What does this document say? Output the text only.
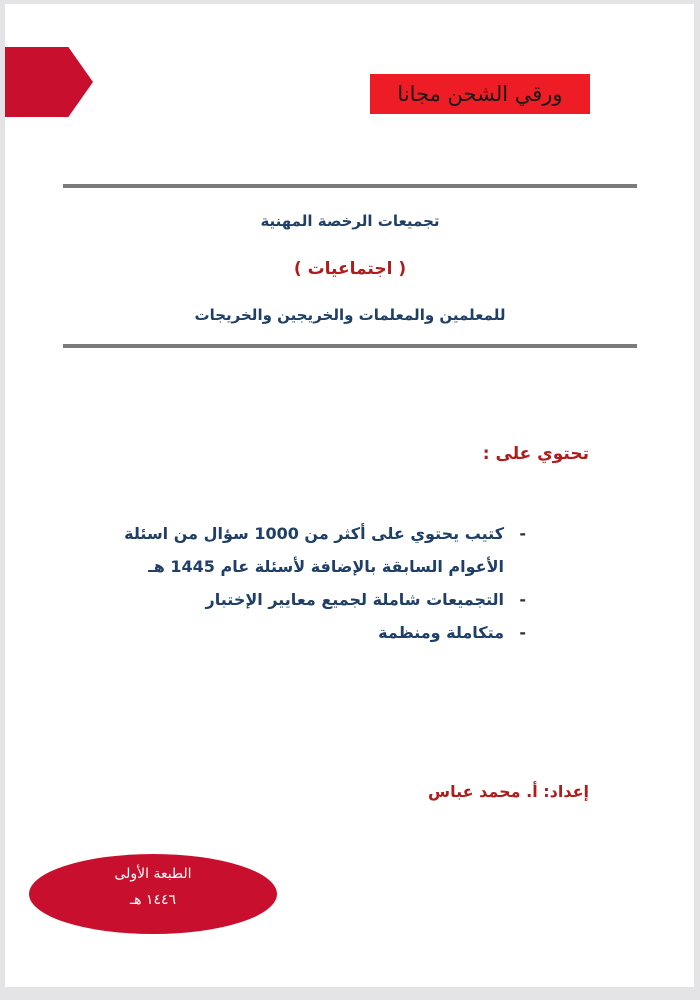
ورقي الشحن مجانا
تجميعات الرخصة المهنية
( اجتماعيات )
للمعلمين والمعلمات والخريجين والخريجات
تحتوي على :
-
كتيب يحتوي على أكثر من 1000 سؤال من اسئلة الأعوام السابقة بالإضافة لأسئلة عام 1445 هـ
-
التجميعات شاملة لجميع معايير الإختبار
-
متكاملة ومنظمة
إعداد: أ. محمد عباس
الطبعة الأولى
١٤٤٦ هـ
